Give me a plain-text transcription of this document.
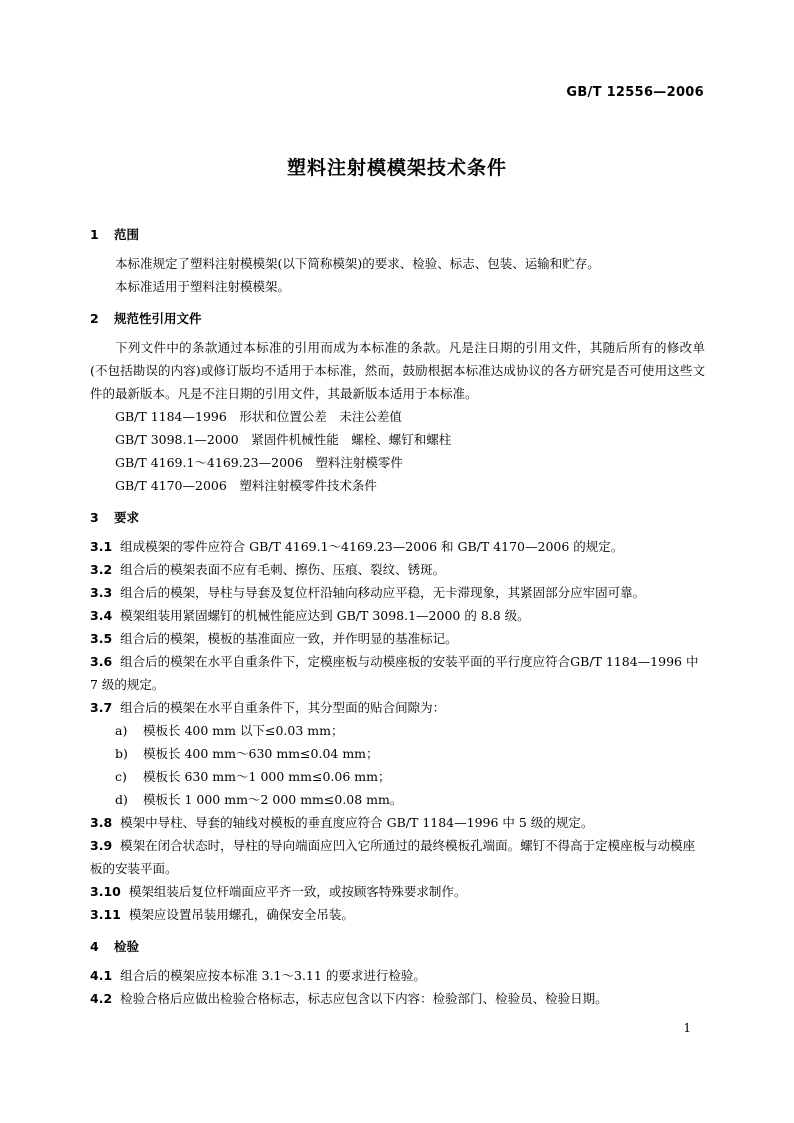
GB/T 12556—2006
塑料注射模模架技术条件
1 范围
本标准规定了塑料注射模模架(以下简称模架)的要求、检验、标志、包装、运输和贮存。
本标准适用于塑料注射模模架。
2 规范性引用文件
下列文件中的条款通过本标准的引用而成为本标准的条款。凡是注日期的引用文件，其随后所有的修改单(不包括勘误的内容)或修订版均不适用于本标准，然而，鼓励根据本标准达成协议的各方研究是否可使用这些文件的最新版本。凡是不注日期的引用文件，其最新版本适用于本标准。
GB/T 1184—1996　形状和位置公差　未注公差值
GB/T 3098.1—2000　紧固件机械性能　螺栓、螺钉和螺柱
GB/T 4169.1～4169.23—2006　塑料注射模零件
GB/T 4170—2006　塑料注射模零件技术条件
3 要求
3.1 组成模架的零件应符合 GB/T 4169.1～4169.23—2006 和 GB/T 4170—2006 的规定。
3.2 组合后的模架表面不应有毛刺、擦伤、压痕、裂纹、锈斑。
3.3 组合后的模架，导柱与导套及复位杆沿轴向移动应平稳，无卡滞现象，其紧固部分应牢固可靠。
3.4 模架组装用紧固螺钉的机械性能应达到 GB/T 3098.1—2000 的 8.8 级。
3.5 组合后的模架，模板的基准面应一致，并作明显的基准标记。
3.6 组合后的模架在水平自重条件下，定模座板与动模座板的安装平面的平行度应符合GB/T 1184—1996 中 7 级的规定。
3.7 组合后的模架在水平自重条件下，其分型面的贴合间隙为：
a) 模板长 400 mm 以下≤0.03 mm；
b) 模板长 400 mm～630 mm≤0.04 mm；
c) 模板长 630 mm～1 000 mm≤0.06 mm；
d) 模板长 1 000 mm～2 000 mm≤0.08 mm。
3.8 模架中导柱、导套的轴线对模板的垂直度应符合 GB/T 1184—1996 中 5 级的规定。
3.9 模架在闭合状态时，导柱的导向端面应凹入它所通过的最终模板孔端面。螺钉不得高于定模座板与动模座板的安装平面。
3.10 模架组装后复位杆端面应平齐一致，或按顾客特殊要求制作。
3.11 模架应设置吊装用螺孔，确保安全吊装。
4 检验
4.1 组合后的模架应按本标准 3.1～3.11 的要求进行检验。
4.2 检验合格后应做出检验合格标志，标志应包含以下内容：检验部门、检验员、检验日期。
1
